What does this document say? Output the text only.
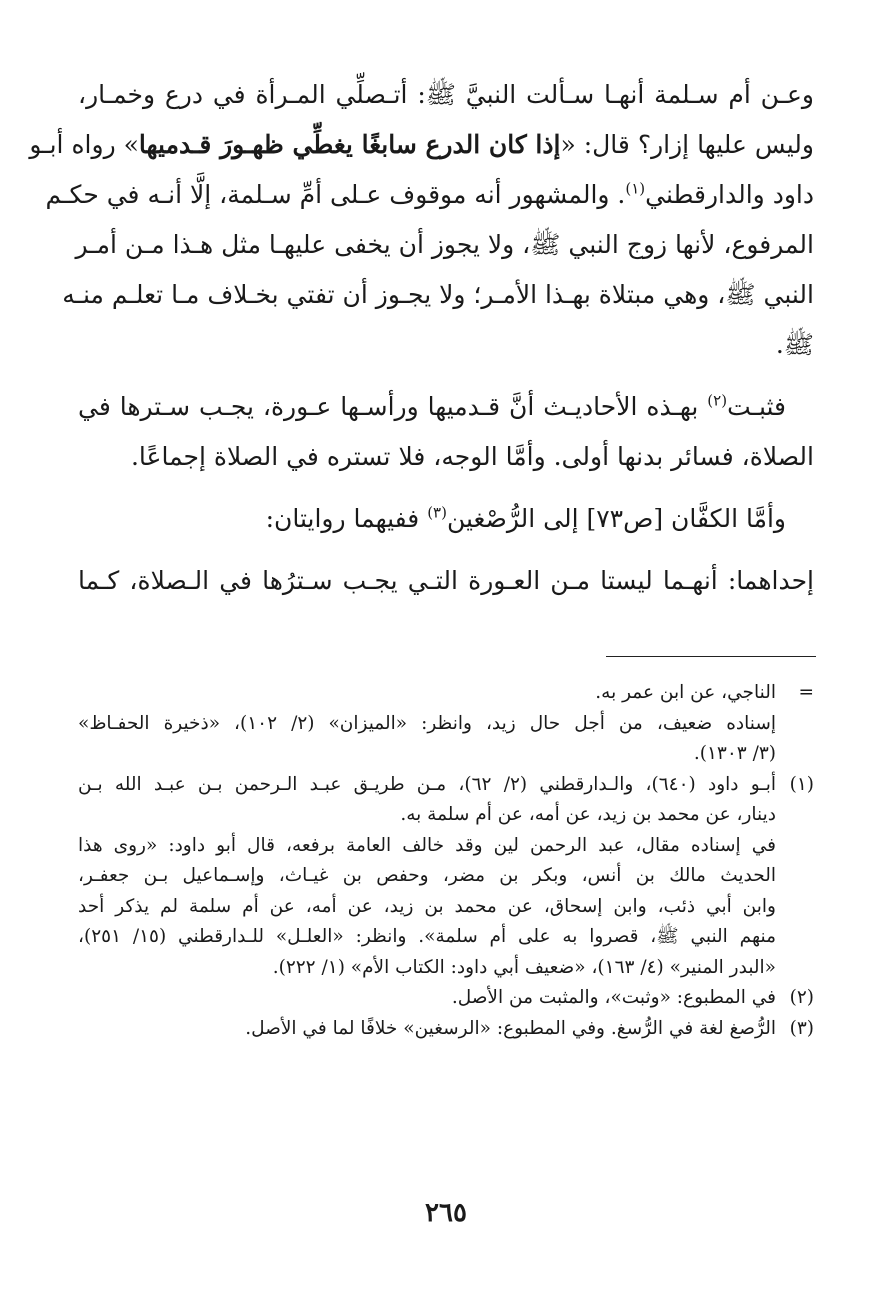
وعـن أم سـلمة أنهـا سـألت النبيَّ ﷺ: أتـصلِّي المـرأة في درع وخمـار،
وليس عليها إزار؟ قال: «إذا كان الدرع سابغًا يغطِّي ظهـورَ قـدميها» رواه أبـو
داود والدارقطني$^{(١)}$. والمشهور أنه موقوف عـلى أمِّ سـلمة، إلَّا أنـه في حكـم
المرفوع، لأنها زوج النبي ﷺ، ولا يجوز أن يخفى عليهـا مثل هـذا مـن أمـر
النبي ﷺ، وهي مبتلاة بهـذا الأمـر؛ ولا يجـوز أن تفتي بخـلاف مـا تعلـم منـه
ﷺ.

فثبـت$^{(٢)}$ بهـذه الأحاديـث أنَّ قـدميها ورأسـها عـورة، يجـب سـترها في
الصلاة، فسائر بدنها أولى. وأمَّا الوجه، فلا تستره في الصلاة إجماعًا.

وأمَّا الكفَّان [ص٧٣] إلى الرُّصْغين$^{(٣)}$ ففيهما روايتان:

إحداهما: أنهـما ليستا مـن العـورة التـي يجـب سـترُها في الـصلاة، كـما

=
الناجي، عن ابن عمر به.
إسناده ضعيف، من أجل حال زيد، وانظر: «الميزان» (٢/ ١٠٢)، «ذخيرة الحفـاظ»
(٣/ ١٣٠٣).
(١)
أبـو داود (٦٤٠)، والـدارقطني (٢/ ٦٢)، مـن طريـق عبـد الـرحمن بـن عبـد الله بـن
دينار، عن محمد بن زيد، عن أمه، عن أم سلمة به.
في إسناده مقال، عبد الرحمن لين وقد خالف العامة برفعه، قال أبو داود: «روى هذا
الحديث مالك بن أنس، وبكر بن مضر، وحفص بن غيـاث، وإسـماعيل بـن جعفـر،
وابن أبي ذئب، وابن إسحاق، عن محمد بن زيد، عن أمه، عن أم سلمة لم يذكر أحد
منهم النبي ﷺ، قصروا به على أم سلمة». وانظر: «العلـل» للـدارقطني (١٥/ ٢٥١)،
«البدر المنير» (٤/ ١٦٣)، «ضعيف أبي داود: الكتاب الأم» (١/ ٢٢٢).
(٢)
في المطبوع: «وثبت»، والمثبت من الأصل.
(٣)
الرُّصغ لغة في الرُّسغ. وفي المطبوع: «الرسغين» خلافًا لما في الأصل.
٢٦٥
